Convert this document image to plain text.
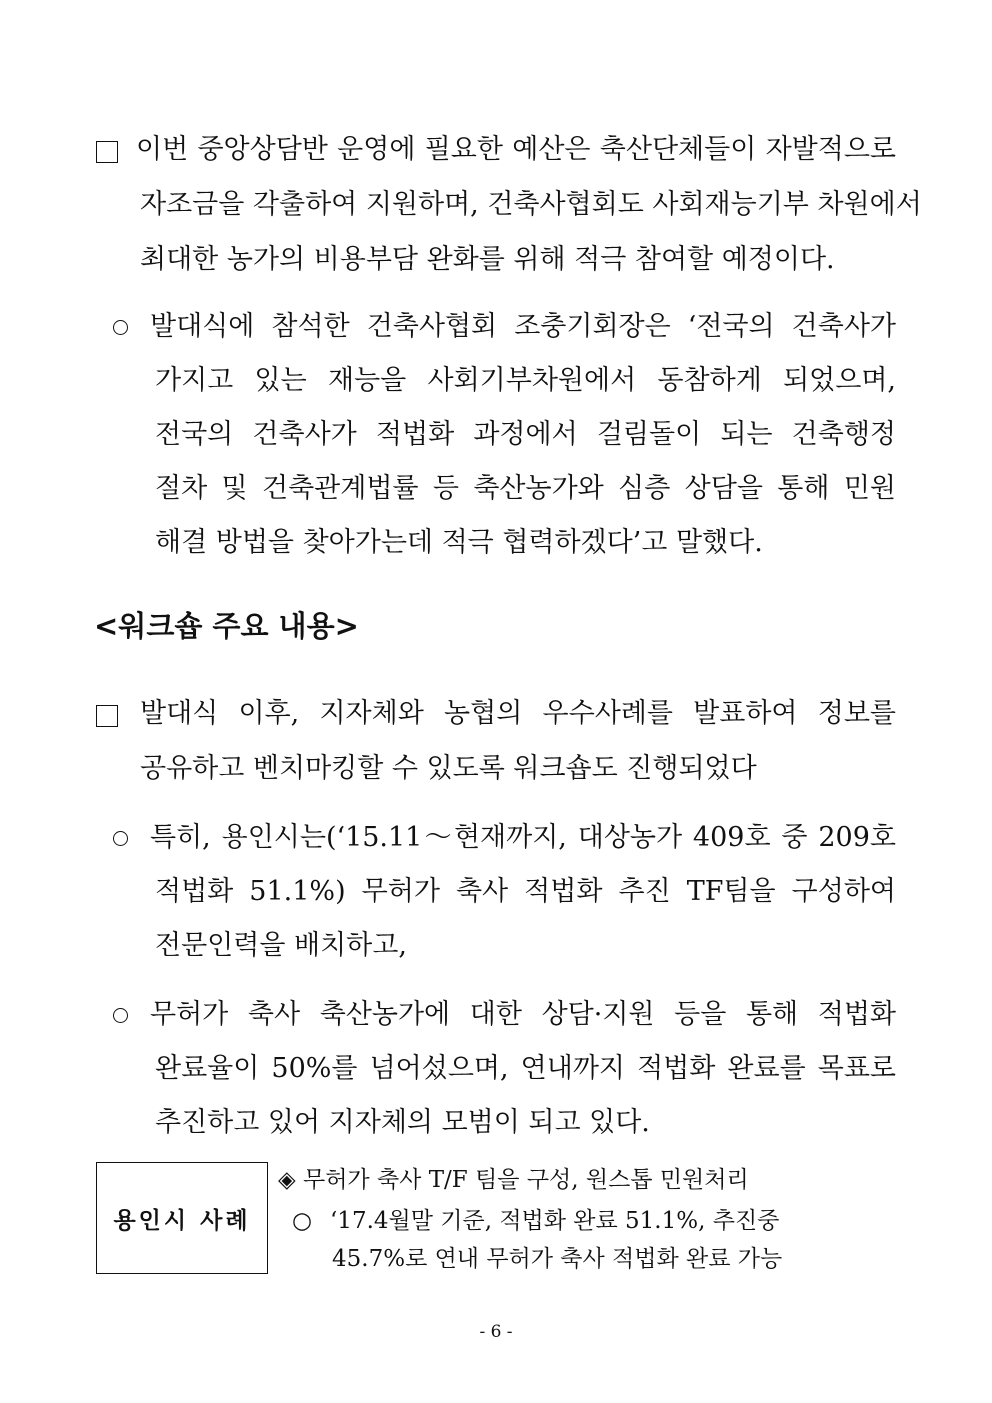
이번 중앙상담반 운영에 필요한 예산은 축산단체들이 자발적으로
자조금을 각출하여 지원하며, 건축사협회도 사회재능기부 차원에서
최대한 농가의 비용부담 완화를 위해 적극 참여할 예정이다.
발대식에 참석한 건축사협회 조충기회장은 ‘전국의 건축사가
가지고 있는 재능을 사회기부차원에서 동참하게 되었으며,
전국의 건축사가 적법화 과정에서 걸림돌이 되는 건축행정
절차 및 건축관계법률 등 축산농가와 심층 상담을 통해 민원
해결 방법을 찾아가는데 적극 협력하겠다’고 말했다.
<워크숍 주요 내용>
발대식 이후, 지자체와 농협의 우수사례를 발표하여 정보를
공유하고 벤치마킹할 수 있도록 워크숍도 진행되었다
특히, 용인시는(‘15.11～현재까지, 대상농가 409호 중 209호
적법화 51.1%) 무허가 축사 적법화 추진 TF팀을 구성하여
전문인력을 배치하고,
무허가 축사 축산농가에 대한 상담·지원 등을 통해 적법화
완료율이 50%를 넘어섰으며, 연내까지 적법화 완료를 목표로
추진하고 있어 지자체의 모범이 되고 있다.
용인시 사례
◈ 무허가 축사 T/F 팀을 구성, 원스톱 민원처리
○ ‘17.4월말 기준, 적법화 완료 51.1%, 추진중
45.7%로 연내 무허가 축사 적법화 완료 가능
- 6 -
